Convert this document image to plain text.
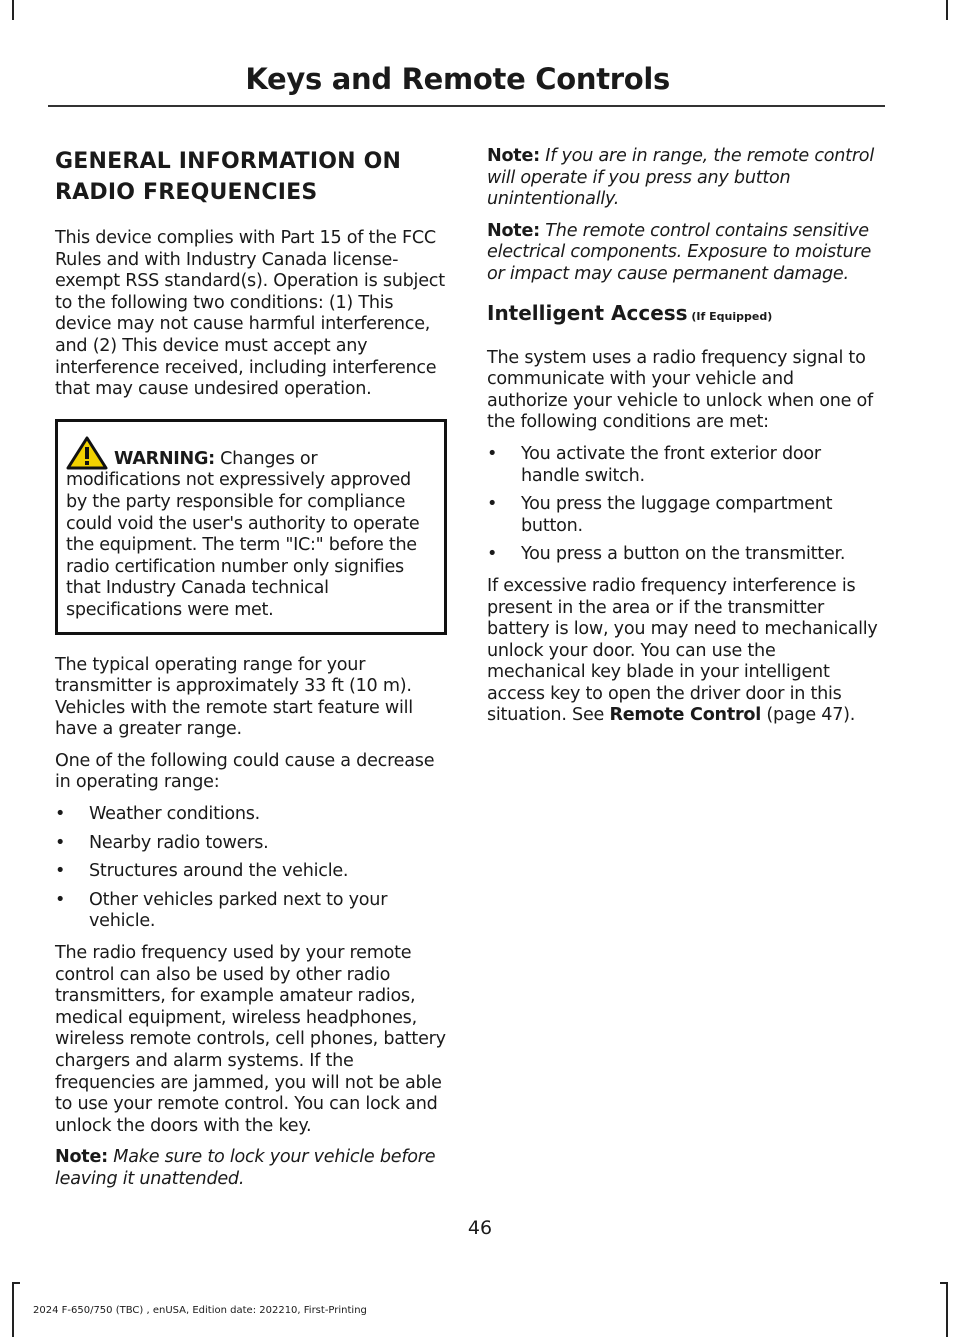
Keys and Remote Controls
GENERAL INFORMATION ON
RADIO FREQUENCIES

This device complies with Part 15 of the FCC Rules and with Industry Canada license-exempt RSS standard(s). Operation is subject to the following two conditions: (1) This device may not cause harmful interference, and (2) This device must accept any interference received, including interference that may cause undesired operation.

WARNING: Changes or modifications not expressively approved by the party responsible for compliance could void the user's authority to operate the equipment. The term "IC:" before the radio certification number only signifies that Industry Canada technical specifications were met.

The typical operating range for your transmitter is approximately 33 ft (10 m). Vehicles with the remote start feature will have a greater range.

One of the following could cause a decrease in operating range:

• Weather conditions.
• Nearby radio towers.
• Structures around the vehicle.
• Other vehicles parked next to your vehicle.

The radio frequency used by your remote control can also be used by other radio transmitters, for example amateur radios, medical equipment, wireless headphones, wireless remote controls, cell phones, battery chargers and alarm systems. If the frequencies are jammed, you will not be able to use your remote control. You can lock and unlock the doors with the key.

Note: Make sure to lock your vehicle before leaving it unattended.

Note: If you are in range, the remote control will operate if you press any button unintentionally.

Note: The remote control contains sensitive electrical components. Exposure to moisture or impact may cause permanent damage.

Intelligent Access (If Equipped)

The system uses a radio frequency signal to communicate with your vehicle and authorize your vehicle to unlock when one of the following conditions are met:

• You activate the front exterior door handle switch.
• You press the luggage compartment button.
• You press a button on the transmitter.

If excessive radio frequency interference is present in the area or if the transmitter battery is low, you may need to mechanically unlock your door. You can use the mechanical key blade in your intelligent access key to open the driver door in this situation. See Remote Control (page 47).

46
2024 F-650/750 (TBC) , enUSA, Edition date: 202210, First-Printing
